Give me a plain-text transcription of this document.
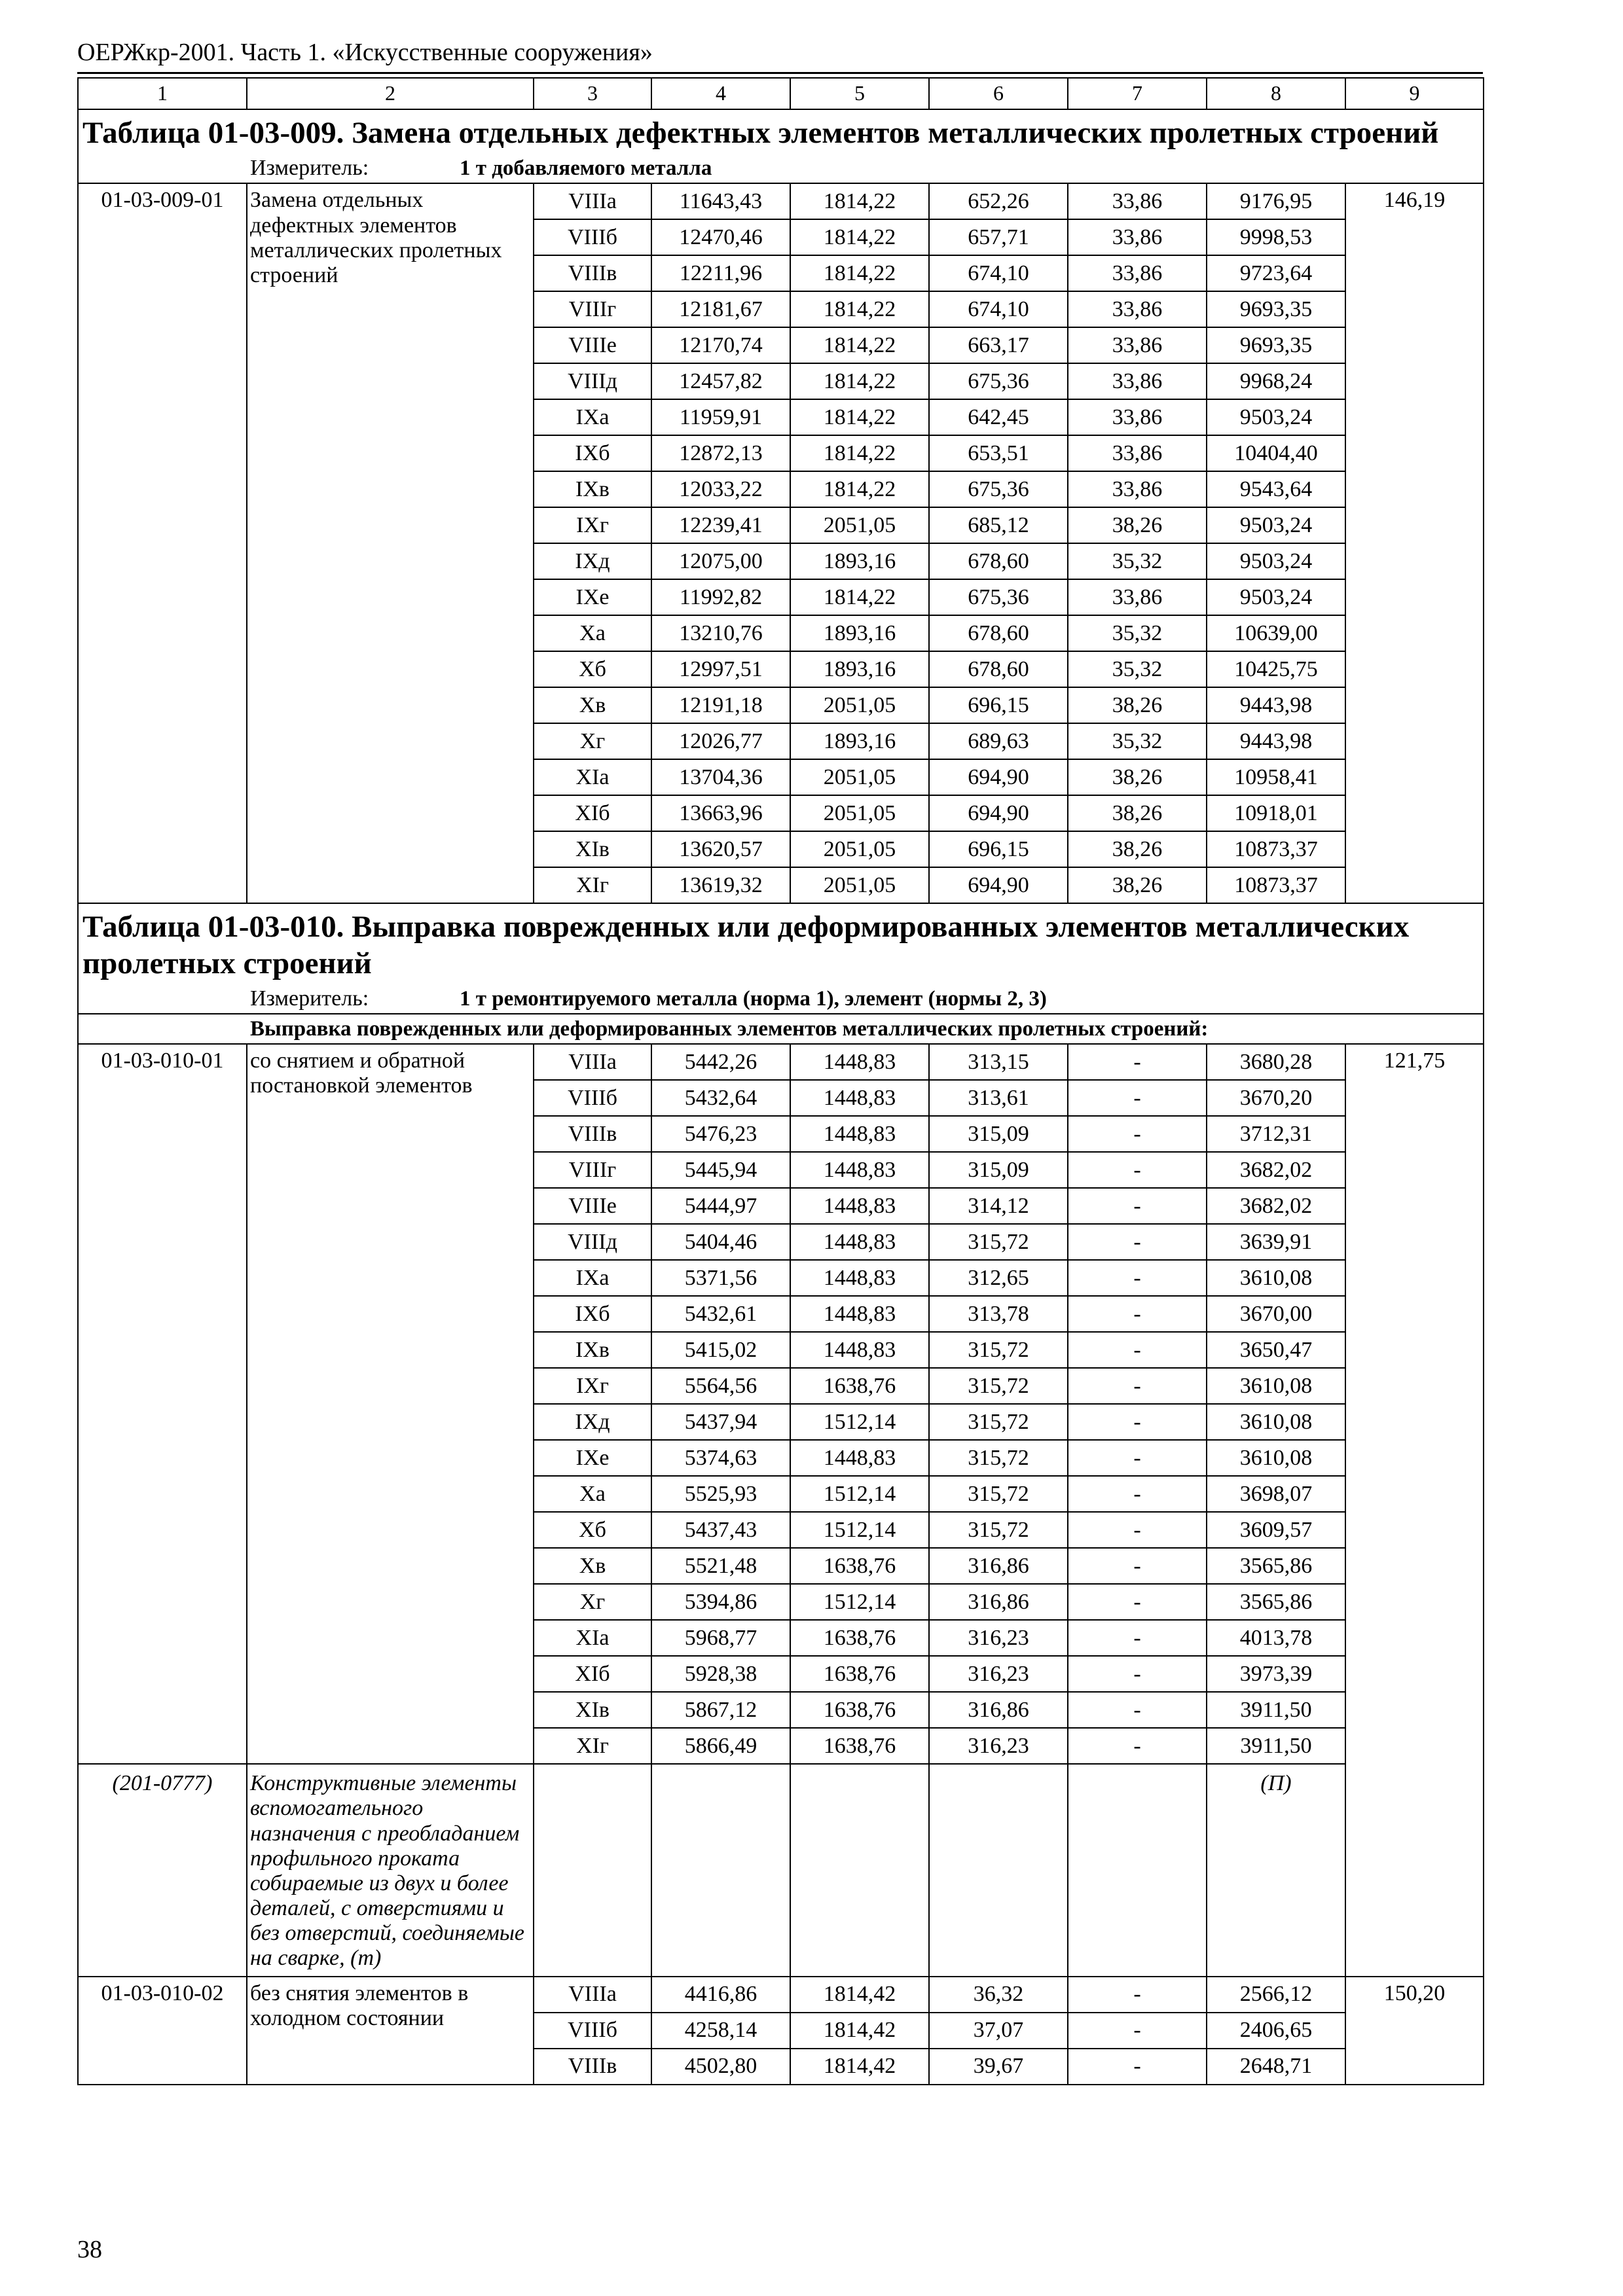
ОЕРЖкр-2001. Часть 1. «Искусственные сооружения»
1	2	3	4	5	6	7	8	9
Таблица 01-03-009. Замена отдельных дефектных элементов металлических пролетных строений								
Измеритель: 1 т добавляемого металла								
01-03-009-01	Замена отдельных дефектных элементов металлических пролетных строений	VIIIа	11643,43	1814,22	652,26	33,86	9176,95	146,19
		VIIIб	12470,46	1814,22	657,71	33,86	9998,53	
		VIIIв	12211,96	1814,22	674,10	33,86	9723,64	
		VIIIг	12181,67	1814,22	674,10	33,86	9693,35	
		VIIIе	12170,74	1814,22	663,17	33,86	9693,35	
		VIIIд	12457,82	1814,22	675,36	33,86	9968,24	
		IXа	11959,91	1814,22	642,45	33,86	9503,24	
		IXб	12872,13	1814,22	653,51	33,86	10404,40	
		IXв	12033,22	1814,22	675,36	33,86	9543,64	
		IXг	12239,41	2051,05	685,12	38,26	9503,24	
		IXд	12075,00	1893,16	678,60	35,32	9503,24	
		IXе	11992,82	1814,22	675,36	33,86	9503,24	
		Xа	13210,76	1893,16	678,60	35,32	10639,00	
		Xб	12997,51	1893,16	678,60	35,32	10425,75	
		Xв	12191,18	2051,05	696,15	38,26	9443,98	
		Xг	12026,77	1893,16	689,63	35,32	9443,98	
		XIа	13704,36	2051,05	694,90	38,26	10958,41	
		XIб	13663,96	2051,05	694,90	38,26	10918,01	
		XIв	13620,57	2051,05	696,15	38,26	10873,37	
		XIг	13619,32	2051,05	694,90	38,26	10873,37	
Таблица 01-03-010. Выправка поврежденных или деформированных элементов металлических пролетных строений								
Измеритель: 1 т ремонтируемого металла (норма 1), элемент (нормы 2, 3)								
Выправка поврежденных или деформированных элементов металлических пролетных строений:								
01-03-010-01	со снятием и обратной постановкой элементов	VIIIа	5442,26	1448,83	313,15	-	3680,28	121,75
		VIIIб	5432,64	1448,83	313,61	-	3670,20	
		VIIIв	5476,23	1448,83	315,09	-	3712,31	
		VIIIг	5445,94	1448,83	315,09	-	3682,02	
		VIIIе	5444,97	1448,83	314,12	-	3682,02	
		VIIIд	5404,46	1448,83	315,72	-	3639,91	
		IXа	5371,56	1448,83	312,65	-	3610,08	
		IXб	5432,61	1448,83	313,78	-	3670,00	
		IXв	5415,02	1448,83	315,72	-	3650,47	
		IXг	5564,56	1638,76	315,72	-	3610,08	
		IXд	5437,94	1512,14	315,72	-	3610,08	
		IXе	5374,63	1448,83	315,72	-	3610,08	
		Xа	5525,93	1512,14	315,72	-	3698,07	
		Xб	5437,43	1512,14	315,72	-	3609,57	
		Xв	5521,48	1638,76	316,86	-	3565,86	
		Xг	5394,86	1512,14	316,86	-	3565,86	
		XIа	5968,77	1638,76	316,23	-	4013,78	
		XIб	5928,38	1638,76	316,23	-	3973,39	
		XIв	5867,12	1638,76	316,86	-	3911,50	
		XIг	5866,49	1638,76	316,23	-	3911,50	
(201-0777)	Конструктивные элементы вспомогательного назначения с преобладанием профильного проката собираемые из двух и более деталей, с отверстиями и без отверстий, соединяемые на сварке, (т)						(П)	
01-03-010-02	без снятия элементов в холодном состоянии	VIIIа	4416,86	1814,42	36,32	-	2566,12	150,20
		VIIIб	4258,14	1814,42	37,07	-	2406,65	
		VIIIв	4502,80	1814,42	39,67	-	2648,71	
38
